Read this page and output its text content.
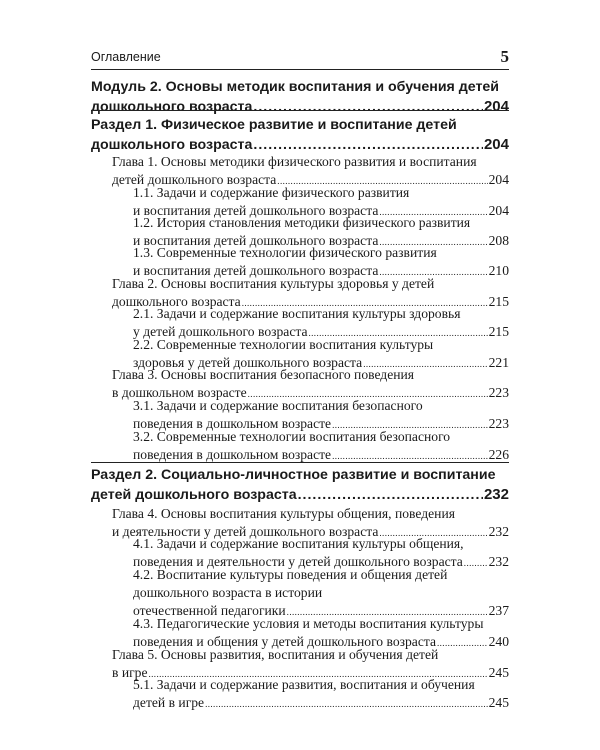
Оглавление	5
Модуль 2. Основы методик воспитания и обучения детей
дошкольного возраста .....	204
Раздел 1. Физическое развитие и воспитание детей
дошкольного возраста .....	204
Глава 1. Основы методики физического развития и воспитания
детей дошкольного возраста .....	204
1.1. Задачи и содержание физического развития
и воспитания детей дошкольного возраста .....	204
1.2. История становления методики физического развития
и воспитания детей дошкольного возраста .....	208
1.3. Современные технологии физического развития
и воспитания детей дошкольного возраста .....	210
Глава 2. Основы воспитания культуры здоровья у детей
дошкольного возраста .....	215
2.1. Задачи и содержание воспитания культуры здоровья
у детей дошкольного возраста .....	215
2.2. Современные технологии воспитания культуры
здоровья у детей дошкольного возраста .....	221
Глава 3. Основы воспитания безопасного поведения
в дошкольном возрасте .....	223
3.1. Задачи и содержание воспитания безопасного
поведения в дошкольном возрасте .....	223
3.2. Современные технологии воспитания безопасного
поведения в дошкольном возрасте .....	226
Раздел 2. Социально-личностное развитие и воспитание
детей дошкольного возраста .....	232
Глава 4. Основы воспитания культуры общения, поведения
и деятельности у детей дошкольного возраста .....	232
4.1. Задачи и содержание воспитания культуры общения,
поведения и деятельности у детей дошкольного возраста ..... 232
4.2. Воспитание культуры поведения и общения детей
дошкольного возраста в истории
отечественной педагогики .....	237
4.3. Педагогические условия и методы воспитания культуры
поведения и общения у детей дошкольного возраста .....	240
Глава 5. Основы развития, воспитания и обучения детей
в игре .....	245
5.1. Задачи и содержание развития, воспитания и обучения
детей в игре .....	245
